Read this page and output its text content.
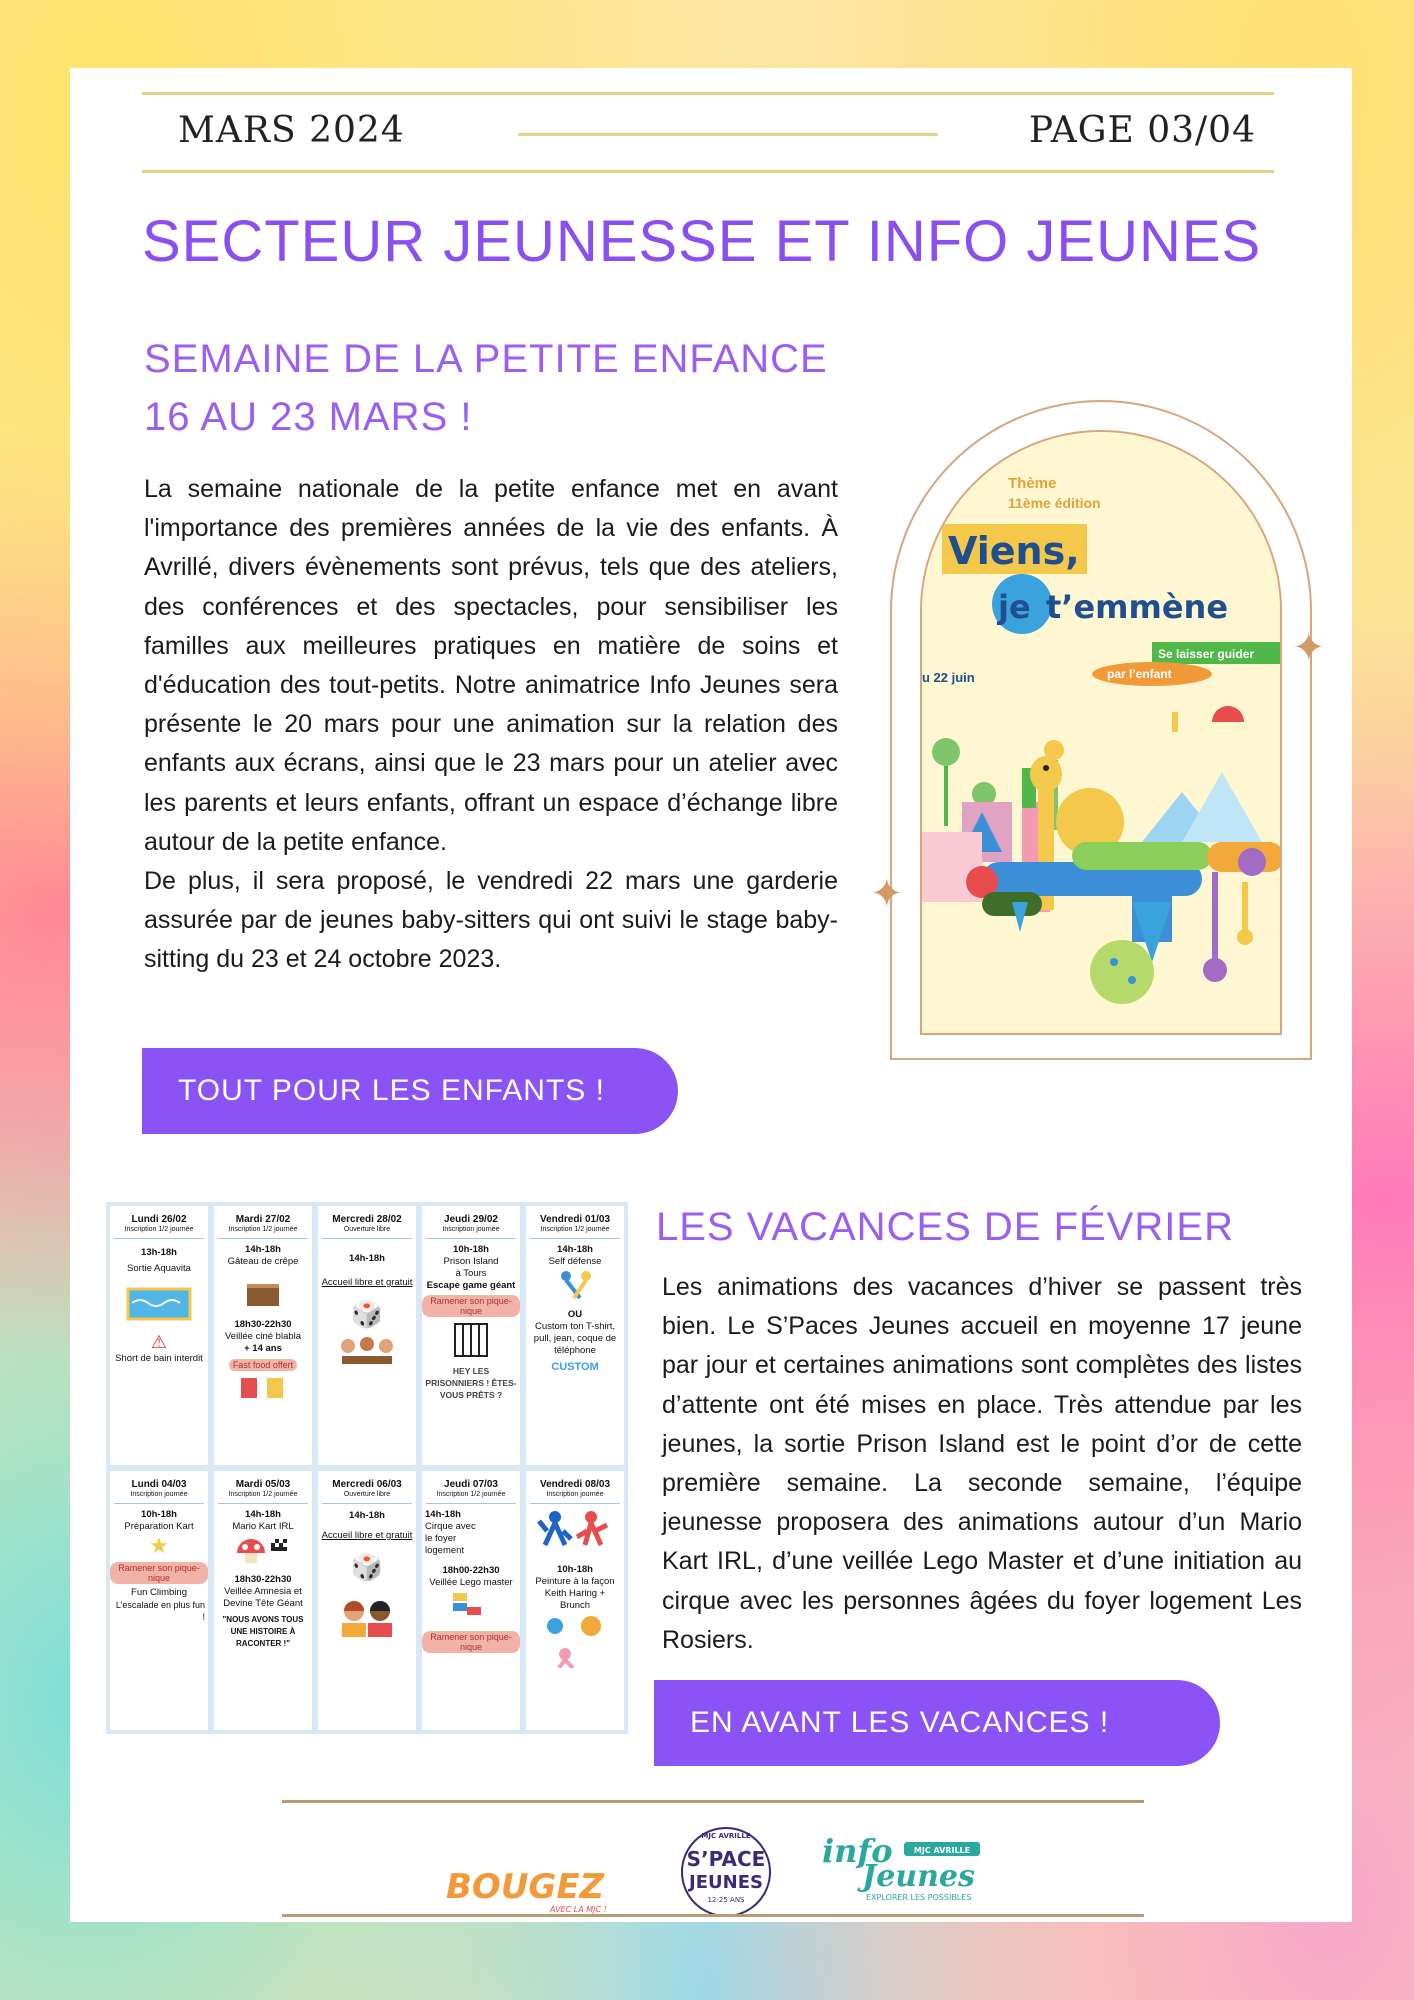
MARS 2024	PAGE 03/04
SECTEUR JEUNESSE ET INFO JEUNES
SEMAINE DE LA PETITE ENFANCE
16 AU 23 MARS !

La semaine nationale de la petite enfance met en avant l'importance des premières années de la vie des enfants. À Avrillé, divers évènements sont prévus, tels que des ateliers, des conférences et des spectacles, pour sensibiliser les familles aux meilleures pratiques en matière de soins et d'éducation des tout-petits. Notre animatrice Info Jeunes sera présente le 20 mars pour une animation sur la relation des enfants aux écrans, ainsi que le 23 mars pour un atelier avec les parents et leurs enfants, offrant un espace d’échange libre autour de la petite enfance.

De plus, il sera proposé, le vendredi 22 mars une garderie assurée par de jeunes baby-sitters qui ont suivi le stage baby-sitting du 23 et 24 octobre 2023.

TOUT POUR LES ENFANTS !
Thème
11ème édition
Viens,
je t’emmène
Se laisser guider
par l’enfant
u 22 juin
✦
✦
LES VACANCES DE FÉVRIER

Les animations des vacances d’hiver se passent très bien. Le S’Paces Jeunes accueil en moyenne 17 jeune par jour et certaines animations sont complètes des listes d’attente ont été mises en place. Très attendue par les jeunes, la sortie Prison Island est le point d’or de cette première semaine. La seconde semaine, l’équipe jeunesse proposera des animations autour d’un Mario Kart IRL, d’une veillée Lego Master et d’une initiation au cirque avec les personnes âgées du foyer logement Les Rosiers.

EN AVANT LES VACANCES !
Lundi 26/02
Inscription 1/2 journée
13h-18h
Sortie Aquavita
⚠
Short de bain interdit
Mardi 27/02
Inscription 1/2 journée
14h-18h
Gâteau de crêpe
18h30-22h30
Veillée ciné blabla
+ 14 ans
Fast food offert
Mercredi 28/02
Ouverture libre
14h-18h
Accueil libre et gratuit
🎲
Jeudi 29/02
Inscription journée
10h-18h
Prison Island
à Tours
Escape game géant
Ramener son pique-nique
HEY LES PRISONNIERS ! ÊTES-VOUS PRÊTS ?
Vendredi 01/03
Inscription 1/2 journée
14h-18h
Self défense
OU
Custom ton T-shirt, pull, jean, coque de téléphone
CUSTOM
Lundi 04/03
Inscription journée
10h-18h
Préparation Kart
★
Ramener son pique-nique
Fun Climbing
L’escalade en plus fun !
Mardi 05/03
Inscription 1/2 journée
14h-18h
Mario Kart IRL
18h30-22h30
Veillée Amnesia et Devine Tête Géant
"NOUS AVONS TOUS UNE HISTOIRE À RACONTER !"
Mercredi 06/03
Ouverture libre
14h-18h
Accueil libre et gratuit
🎲
Jeudi 07/03
Inscription 1/2 journée
14h-18h
Cirque avec le foyer logement
18h00-22h30
Veillée Lego master
Ramener son pique-nique
Vendredi 08/03
Inscription journée
10h-18h
Peinture à la façon Keith Haring + Brunch
BOUGEZ
AVEC LA MJC !
MJC AVRILLE
S’PACE
JEUNES
12-25 ANS
info	MJC AVRILLE
Jeunes
EXPLORER LES POSSIBLES
